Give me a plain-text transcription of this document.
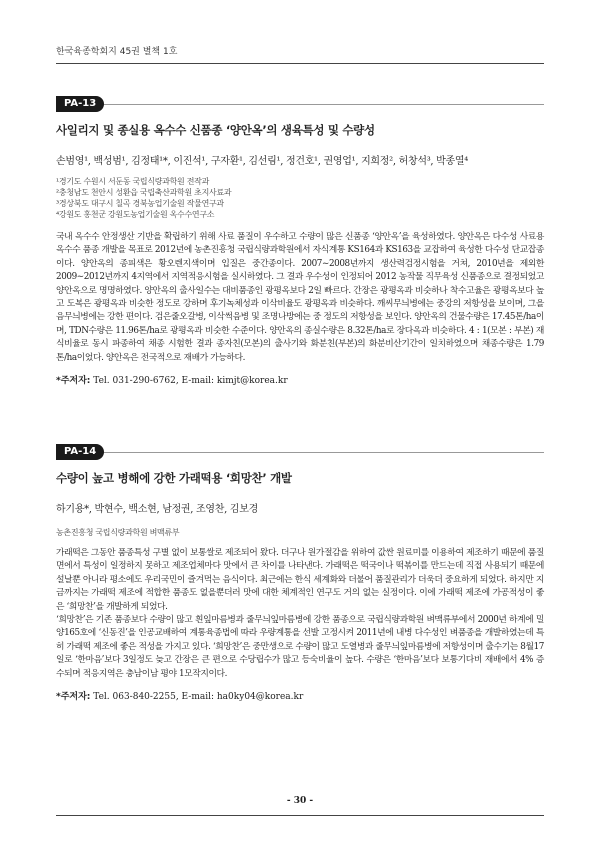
한국육종학회지 45권 별책 1호
PA-13
사일리지 및 종실용 옥수수 신품종 ‘양안옥’의 생육특성 및 수량성
손범영¹, 백성범¹, 김정태¹*, 이진석¹, 구자환¹, 김선림¹, 정건호¹, 권영업¹, 지희정², 허창석³, 박종열⁴
¹경기도 수원시 서둔동 국립식량과학원 전작과
²충청남도 천안시 성환읍 국립축산과학원 초지사료과
³경상북도 대구시 칠곡 경북농업기술원 작물연구과
⁴강원도 홍천군 강원도농업기술원 옥수수연구소
국내 옥수수 안정생산 기반을 확립하기 위해 사료 품질이 우수하고 수량이 많은 신품종 ‘양안옥’을 육성하였다. 양안옥은 다수성 사료용 옥수수 품종 개발을 목표로 2012년에 농촌진흥청 국립식량과학원에서 자식계통 KS164과 KS163을 교잡하여 육성한 다수성 단교잡종이다. 양안옥의 종피색은 황오렌지색이며 입질은 중간종이다. 2007∼2008년까지 생산력검정시험을 거쳐, 2010년을 제외한 2009∼2012년까지 4지역에서 지역적응시험을 실시하였다. 그 결과 우수성이 인정되어 2012 농작물 직무육성 신품종으로 결정되었고 양안옥으로 명명하였다. 양안옥의 출사일수는 대비품종인 광평옥보다 2일 빠르다. 간장은 광평옥과 비슷하나 착수고율은 광평옥보다 높고 도복은 광평옥과 비슷한 정도로 강하며 후기녹체성과 이삭비율도 광평옥과 비슷하다. 깨씨무늬병에는 중강의 저항성을 보이며, 그을음무늬병에는 강한 편이다. 검은줄오갈병, 이삭썩음병 및 조명나방에는 중 정도의 저항성을 보인다. 양안옥의 건물수량은 17.45톤/ha이며, TDN수량은 11.96톤/ha로 광평옥과 비슷한 수준이다. 양안옥의 종실수량은 8.32톤/ha로 장다옥과 비슷하다. 4 : 1(모본 : 부본) 재식비율로 동시 파종하여 채종 시험한 결과 종자친(모본)의 출사기와 화분친(부본)의 화분비산기간이 일치하였으며 채종수량은 1.79톤/ha이었다. 양안옥은 전국적으로 재배가 가능하다.
*주저자: Tel. 031-290-6762, E-mail: kimjt@korea.kr
PA-14
수량이 높고 병해에 강한 가래떡용 ‘희망찬’ 개발
하기용*, 박현수, 백소현, 남정권, 조영찬, 김보경
농촌진흥청 국립식량과학원 벼맥류부
가래떡은 그동안 품종특성 구별 없이 보통쌀로 제조되어 왔다. 더구나 원가절감을 위하여 값싼 원료미를 이용하여 제조하기 때문에 품질 면에서 특성이 일정하지 못하고 제조업체마다 맛에서 큰 차이를 나타낸다. 가래떡은 떡국이나 떡볶이를 만드는데 직접 사용되기 때문에 설날뿐 아니라 평소에도 우리국민이 즐겨먹는 음식이다. 최근에는 한식 세계화와 더불어 품질관리가 더욱더 중요하게 되었다. 하지만 지금까지는 가래떡 제조에 적합한 품종도 없을뿐더러 맛에 대한 체계적인 연구도 거의 없는 실정이다. 이에 가래떡 제조에 가공적성이 좋은 ‘희망찬’을 개발하게 되었다.
‘희망찬’은 기존 품종보다 수량이 많고 흰잎마름병과 줄무늬잎마름병에 강한 품종으로 국립식량과학원 벼맥류부에서 2000년 하계에 밀양165호에 ‘신동진’을 인공교배하여 계통육종법에 따라 우량계통을 선발 고정시켜 2011년에 내병 다수성인 벼품종을 개발하였는데 특히 가래떡 제조에 좋은 적성을 가지고 있다. ‘희망찬’은 중만생으로 수량이 많고 도열병과 줄무늬잎마름병에 저항성이며 출수기는 8월17일로 ‘한마음’보다 3일정도 늦고 간장은 큰 편으로 수당립수가 많고 등숙비율이 높다. 수량은 ‘한마음’보다 보통기다비 재배에서 4% 증수되며 적응지역은 충남이남 평야 1모작지이다.
*주저자: Tel. 063-840-2255, E-mail: ha0ky04@korea.kr
- 30 -
